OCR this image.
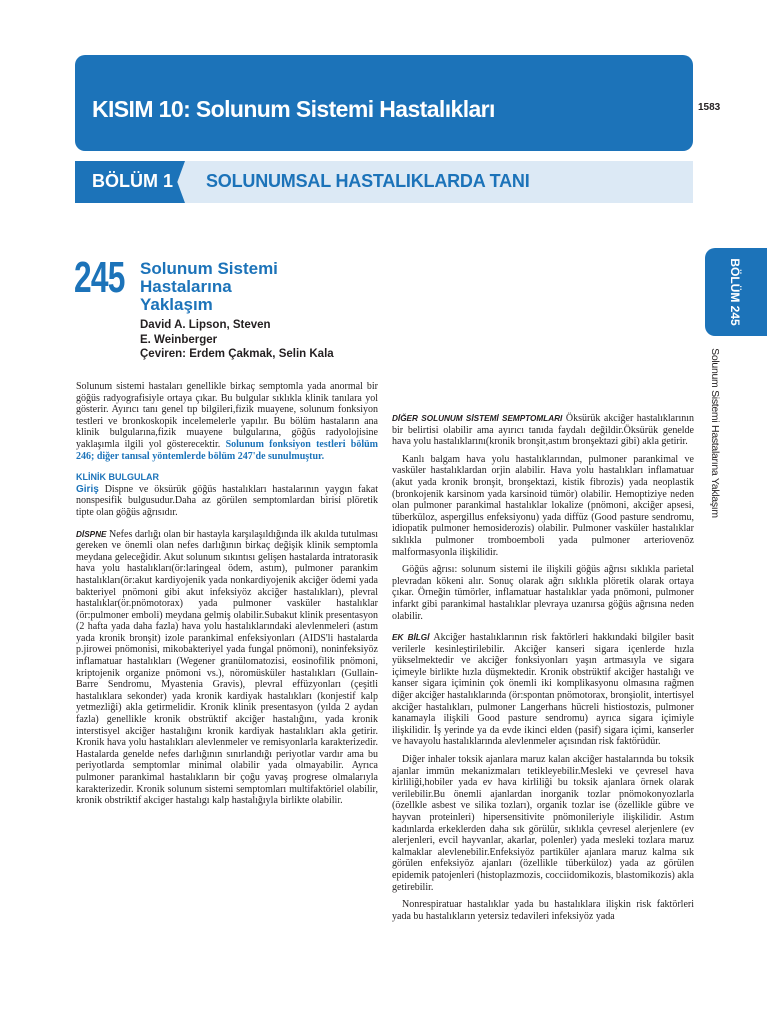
KISIM 10: Solunum Sistemi Hastalıkları	1583
BÖLÜM 1 SOLUNUMSAL HASTALIKLARDA TANI
BÖLÜM 245
Solunum Sistemi Hastalarına Yaklaşım
245 Solunum Sistemi
Hastalarına
Yaklaşım
David A. Lipson, Steven
E. Weinberger
Çeviren: Erdem Çakmak, Selin Kala

Solunum sistemi hastaları genellikle birkaç semptomla yada anormal bir göğüs radyografisiyle ortaya çıkar. Bu bulgular sıklıkla klinik tanılara yol gösterir. Ayırıcı tanı genel tıp bilgileri,fizik muayene, solunum fonksiyon testleri ve bronkoskopik incelemelerle yapılır. Bu bölüm hastaların ana klinik bulgularına,fizik muayene bulgularına, göğüs radyolojisine yaklaşımla ilgili yol gösterecektir. Solunum fonksiyon testleri bölüm 246; diğer tanısal yöntemlerde bölüm 247'de sunulmuştur.

KLİNİK BULGULAR

Giriş Dispne ve öksürük göğüs hastalıkları hastalarının yaygın fakat nonspesifik bulgusudur.Daha az görülen semptomlardan birisi plöretik tipte olan göğüs ağrısıdır.

DİSPNE Nefes darlığı olan bir hastayla karşılaşıldığında ilk akılda tutulması gereken ve önemli olan nefes darlığının birkaç değişik klinik semptomla meydana geleceğidir. Akut solunum sıkıntısı gelişen hastalarda intratorasik hava yolu hastalıkları(ör:laringeal ödem, astım), pulmoner parankim hastalıkları(ör:akut kardiyojenik yada nonkardiyojenik akciğer ödemi yada bakteriyel pnömoni gibi akut infeksiyöz akciğer hastalıkları), plevral hastalıklar(ör.pnömotorax) yada pulmoner vasküler hastalıklar (ör:pulmoner emboli) meydana gelmiş olabilir.Subakut klinik presentasyon (2 hafta yada daha fazla) hava yolu hastalıklarındaki alevlenmeleri (astım yada kronik bronşit) izole parankimal enfeksiyonları (AIDS'li hastalarda p.jirowei pnömonisi, mikobakteriyel yada fungal pnömoni), noninfeksiyöz inflamatuar hastalıkları (Wegener granülomatozisi, eosinofilik pnömoni, kriptojenik organize pnömoni vs.), nöromüsküler hastalıkları (Gullain-Barre Sendromu, Myastenia Gravis), plevral effüzyonları (çeşitli hastalıklara sekonder) yada kronik kardiyak hastalıkları (konjestif kalp yetmezliği) akla getirmelidir. Kronik klinik presentasyon (yılda 2 aydan fazla) genellikle kronik obstrüktif akciğer hastalığını, yada kronik interstisyel akciğer hastalığını kronik kardiyak hastalıkları akla getirir. Kronik hava yolu hastalıkları alevlenmeler ve remisyonlarla karakterizedir. Hastalarda genelde nefes darlığının sınırlandığı periyotlar vardır ama bu periyotlarda semptomlar minimal olabilir yada olmayabilir. Ayrıca pulmoner parankimal hastalıkların bir çoğu yavaş progrese olmalarıyla karakterizedir. Kronik solunum sistemi semptomları multifaktöriel olabilir, kronik obstriktif akciger hastalıgı kalp hastalığıyla birlikte olabilir.

DİĞER SOLUNUM SİSTEMİ SEMPTOMLARI Öksürük akciğer hastalıklarının bir belirtisi olabilir ama ayırıcı tanıda faydalı değildir.Öksürük genelde hava yolu hastalıklarını(kronik bronşit,astım bronşektazi gibi) akla getirir.

Kanlı balgam hava yolu hastalıklarından, pulmoner parankimal ve vasküler hastalıklardan orjin alabilir. Hava yolu hastalıkları inflamatuar (akut yada kronik bronşit, bronşektazi, kistik fibrozis) yada neoplastik (bronkojenik karsinom yada karsinoid tümör) olabilir. Hemoptiziye neden olan pulmoner parankimal hastalıklar lokalize (pnömoni, akciğer apsesi, tüberküloz, aspergillus enfeksiyonu) yada diffüz (Good pasture sendromu, idiopatik pulmoner hemosiderozis) olabilir. Pulmoner vasküler hastalıklar sıklıkla pulmoner tromboemboli yada pulmoner arteriovenöz malformasyonla ilişkilidir.

Göğüs ağrısı: solunum sistemi ile ilişkili göğüs ağrısı sıklıkla parietal plevradan kökeni alır. Sonuç olarak ağrı sıklıkla plöretik olarak ortaya çıkar. Örneğin tümörler, inflamatuar hastalıklar yada pnömoni, pulmoner infarkt gibi parankimal hastalıklar plevraya uzanırsa göğüs ağrısına neden olabilir.

EK BİLGİ Akciğer hastalıklarının risk faktörleri hakkındaki bilgiler basit verilerle kesinleştirilebilir. Akciğer kanseri sigara içenlerde hızla yükselmektedir ve akciğer fonksiyonları yaşın artmasıyla ve sigara içimeyle birlikte hızla düşmektedir. Kronik obstrüktif akciğer hastalığı ve kanser sigara içiminin çok önemli iki komplikasyonu olmasına rağmen diğer akciğer hastalıklarında (ör:spontan pnömotorax, bronşiolit, intertisyel akciğer hastalıkları, pulmoner Langerhans hücreli histiostozis, pulmoner kanamayla ilişkili Good pasture sendromu) ayrıca sigara içimiyle ilişkilidir. İş yerinde ya da evde ikinci elden (pasif) sigara içimi, kanserler ve havayolu hastalıklarında alevlenmeler açısından risk faktörüdür.

Diğer inhaler toksik ajanlara maruz kalan akciğer hastalarında bu toksik ajanlar immün mekanizmaları tetikleyebilir.Mesleki ve çevresel hava kirliliği,hobiler yada ev hava kirliliği bu toksik ajanlara örnek olarak verilebilir.Bu önemli ajanlardan inorganik tozlar pnömokonyozlarla (özellkle asbest ve silika tozları), organik tozlar ise (özellikle gübre ve hayvan proteinleri) hipersensitivite pnömonileriyle ilişkilidir. Astım kadınlarda erkeklerden daha sık görülür, sıklıkla çevresel alerjenlere (ev alerjenleri, evcil hayvanlar, akarlar, polenler) yada mesleki tozlara maruz kalmaklar alevlenebilir.Enfeksiyöz partiküler ajanlara maruz kalma sık görülen enfeksiyöz ajanları (özellikle tüberküloz) yada az görülen epidemik patojenleri (histoplazmozis, cocciidomikozis, blastomikozis) akla getirebilir.

Nonrespiratuar hastalıklar yada bu hastalıklara ilişkin risk faktörleri yada bu hastalıkların yetersiz tedavileri infeksiyöz yada
